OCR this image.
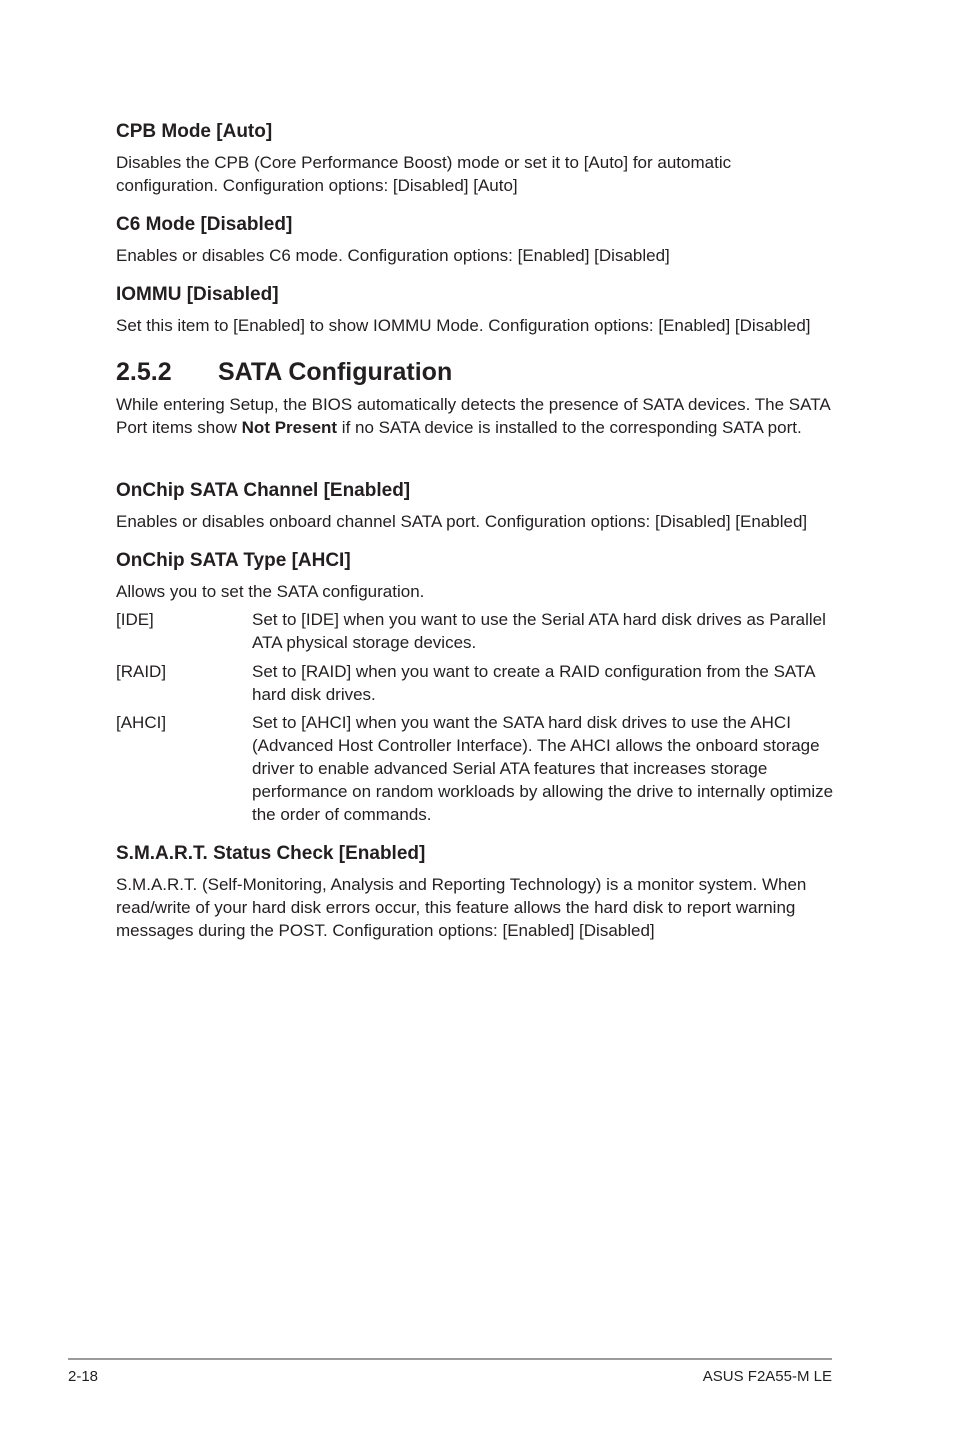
CPB Mode [Auto]

Disables the CPB (Core Performance Boost) mode or set it to [Auto] for automatic configuration. Configuration options: [Disabled] [Auto]

C6 Mode [Disabled]

Enables or disables C6 mode. Configuration options: [Enabled] [Disabled]

IOMMU [Disabled]

Set this item to [Enabled] to show IOMMU Mode. Configuration options: [Enabled] [Disabled]

2.5.2 SATA Configuration

While entering Setup, the BIOS automatically detects the presence of SATA devices. The SATA Port items show Not Present if no SATA device is installed to the corresponding SATA port.

OnChip SATA Channel [Enabled]

Enables or disables onboard channel SATA port. Configuration options: [Disabled] [Enabled]

OnChip SATA Type [AHCI]

Allows you to set the SATA configuration.

[IDE]	Set to [IDE] when you want to use the Serial ATA hard disk drives as Parallel ATA physical storage devices.
[RAID]	Set to [RAID] when you want to create a RAID configuration from the SATA hard disk drives.
[AHCI]	Set to [AHCI] when you want the SATA hard disk drives to use the AHCI (Advanced Host Controller Interface). The AHCI allows the onboard storage driver to enable advanced Serial ATA features that increases storage performance on random workloads by allowing the drive to internally optimize the order of commands.
S.M.A.R.T. Status Check [Enabled]

S.M.A.R.T. (Self-Monitoring, Analysis and Reporting Technology) is a monitor system. When read/write of your hard disk errors occur, this feature allows the hard disk to report warning messages during the POST. Configuration options: [Enabled] [Disabled]

2-18	ASUS F2A55-M LE
